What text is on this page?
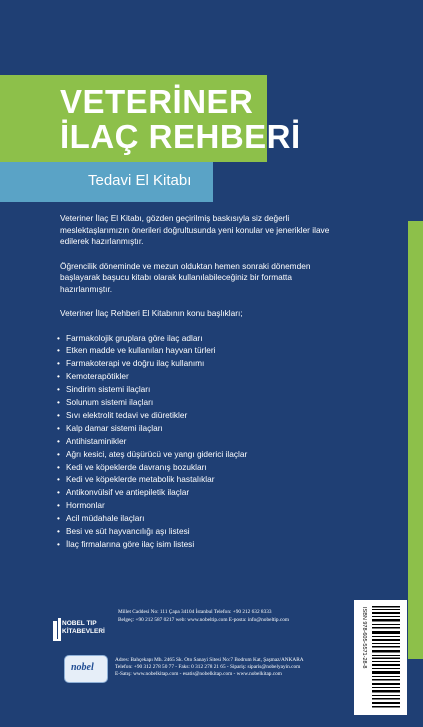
VETERİNER
İLAÇ REHBERİ
Tedavi El Kitabı

Veteriner İlaç El Kitabı, gözden geçirilmiş baskısıyla siz değerli meslektaşlarımızın önerileri doğrultusunda yeni konular ve jenerikler ilave edilerek hazırlanmıştır.

Öğrencilik döneminde ve mezun olduktan hemen sonraki dönemden başlayarak başucu kitabı olarak kullanılabileceğiniz bir formatta hazırlanmıştır.

Veteriner İlaç Rehberi El Kitabının konu başlıkları;

• Farmakolojik gruplara göre ilaç adları
• Etken madde ve kullanılan hayvan türleri
• Farmakoterapi ve doğru ilaç kullanımı
• Kemoterapötikler
• Sindirim sistemi ilaçları
• Solunum sistemi ilaçları
• Sıvı elektrolit tedavi ve diüretikler
• Kalp damar sistemi ilaçları
• Antihistaminikler
• Ağrı kesici, ateş düşürücü ve yangı giderici ilaçlar
• Kedi ve köpeklerde davranış bozukları
• Kedi ve köpeklerde metabolik hastalıklar
• Antikonvülsif ve antiepiletik ilaçlar
• Hormonlar
• Acil müdahale ilaçları
• Besi ve süt hayvancılığı aşı listesi
• İlaç firmalarına göre ilaç isim listesi
NOBEL TIP
KİTABEVLERİ
Millet Caddesi No: 111 Çapa 34104 İstanbul Telefon: +90 212 632 8333
Belgeç: +90 212 587 0217 web: www.nobeltip.com E-posta: info@nobeltip.com
nobel
Adres: Bahçekapı Mh. 2465 Sk. Oto Sanayi Sitesi No:7 Bodrum Kat, Şaşmaz/ANKARA
Telefon: +90 312 278 50 77 - Faks: 0 312 278 21 65 - Sipariş: siparis@nobelyayin.com
E-Satış: www.nobelkitap.com - esatis@nobelkitap.com - www.nobelkitap.com
ISBN 978-605-5571-28-8
